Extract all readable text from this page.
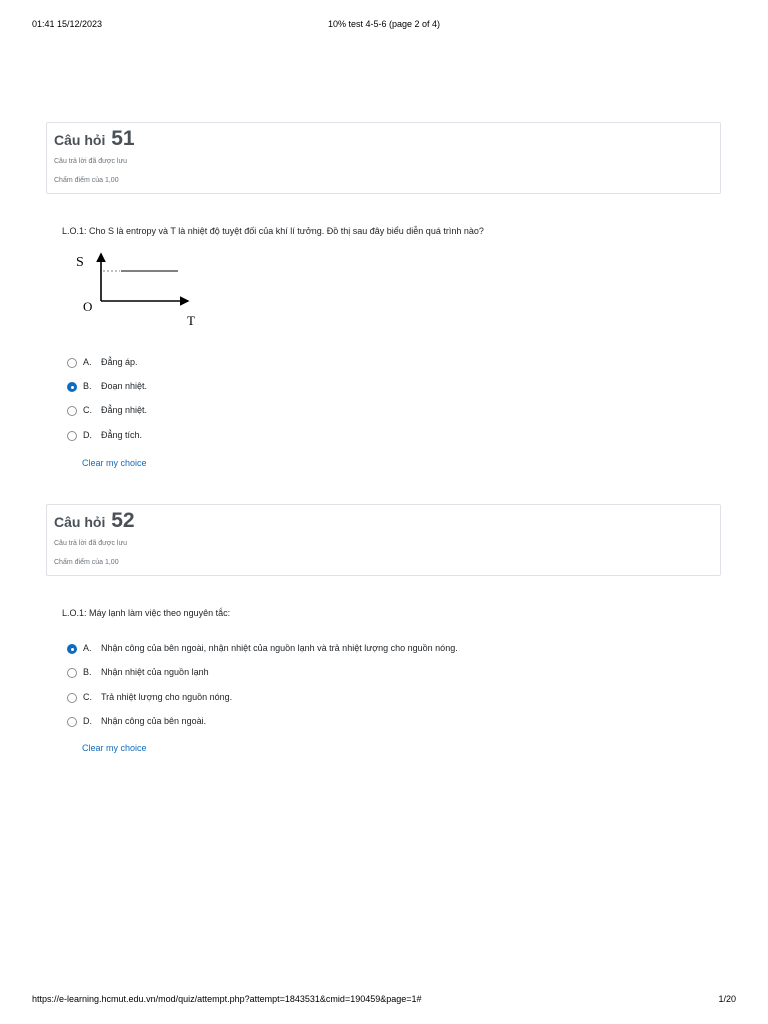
01:41 15/12/2023	10% test 4-5-6 (page 2 of 4)
Câu hỏi 51
Câu trả lời đã được lưu
Chấm điểm của 1,00
L.O.1: Cho S là entropy và T là nhiệt độ tuyệt đối của khí lí tưởng. Đồ thị sau đây biểu diễn quá trình nào?
S
O
T
A. Đẳng áp.
B. Đoạn nhiệt.
C. Đẳng nhiệt.
D. Đẳng tích.
Clear my choice
Câu hỏi 52
Câu trả lời đã được lưu
Chấm điểm của 1,00
L.O.1: Máy lạnh làm việc theo nguyên tắc:
A. Nhận công của bên ngoài, nhận nhiệt của nguồn lạnh và trả nhiệt lượng cho nguồn nóng.
B. Nhận nhiệt của nguồn lạnh
C. Trả nhiệt lượng cho nguồn nóng.
D. Nhận công của bên ngoài.
Clear my choice
https://e-learning.hcmut.edu.vn/mod/quiz/attempt.php?attempt=1843531&cmid=190459&page=1#	1/20
